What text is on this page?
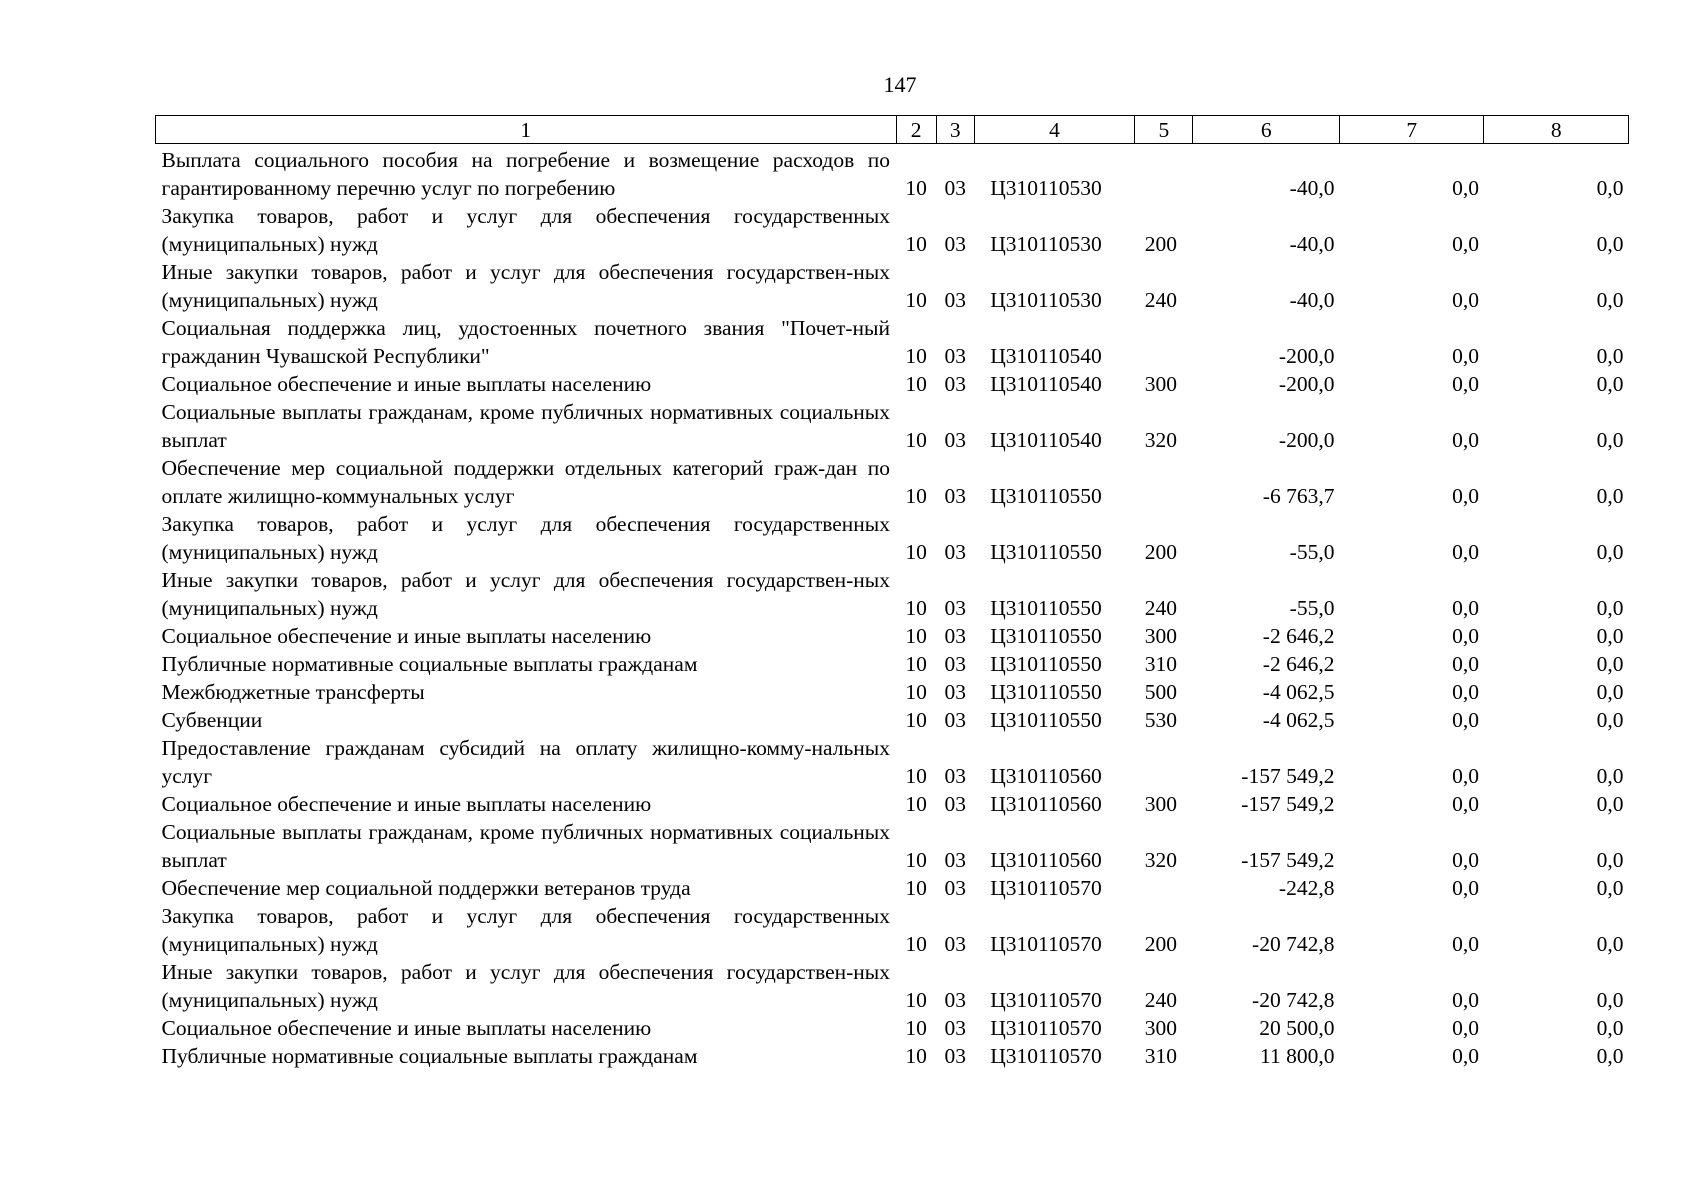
147
1	2	3	4	5	6	7	8
Выплата социального пособия на погребение и возмещение расходов по гарантированному перечню услуг по погребению	10	03	Ц310110530		-40,0	0,0	0,0
Закупка товаров, работ и услуг для обеспечения государственных (муниципальных) нужд	10	03	Ц310110530	200	-40,0	0,0	0,0
Иные закупки товаров, работ и услуг для обеспечения государствен-ных (муниципальных) нужд	10	03	Ц310110530	240	-40,0	0,0	0,0
Социальная поддержка лиц, удостоенных почетного звания "Почет-ный гражданин Чувашской Республики"	10	03	Ц310110540		-200,0	0,0	0,0
Социальное обеспечение и иные выплаты населению	10	03	Ц310110540	300	-200,0	0,0	0,0
Социальные выплаты гражданам, кроме публичных нормативных социальных выплат	10	03	Ц310110540	320	-200,0	0,0	0,0
Обеспечение мер социальной поддержки отдельных категорий граж-дан по оплате жилищно-коммунальных услуг	10	03	Ц310110550		-6 763,7	0,0	0,0
Закупка товаров, работ и услуг для обеспечения государственных (муниципальных) нужд	10	03	Ц310110550	200	-55,0	0,0	0,0
Иные закупки товаров, работ и услуг для обеспечения государствен-ных (муниципальных) нужд	10	03	Ц310110550	240	-55,0	0,0	0,0
Социальное обеспечение и иные выплаты населению	10	03	Ц310110550	300	-2 646,2	0,0	0,0
Публичные нормативные социальные выплаты гражданам	10	03	Ц310110550	310	-2 646,2	0,0	0,0
Межбюджетные трансферты	10	03	Ц310110550	500	-4 062,5	0,0	0,0
Субвенции	10	03	Ц310110550	530	-4 062,5	0,0	0,0
Предоставление гражданам субсидий на оплату жилищно-комму-нальных услуг	10	03	Ц310110560		-157 549,2	0,0	0,0
Социальное обеспечение и иные выплаты населению	10	03	Ц310110560	300	-157 549,2	0,0	0,0
Социальные выплаты гражданам, кроме публичных нормативных социальных выплат	10	03	Ц310110560	320	-157 549,2	0,0	0,0
Обеспечение мер социальной поддержки ветеранов труда	10	03	Ц310110570		-242,8	0,0	0,0
Закупка товаров, работ и услуг для обеспечения государственных (муниципальных) нужд	10	03	Ц310110570	200	-20 742,8	0,0	0,0
Иные закупки товаров, работ и услуг для обеспечения государствен-ных (муниципальных) нужд	10	03	Ц310110570	240	-20 742,8	0,0	0,0
Социальное обеспечение и иные выплаты населению	10	03	Ц310110570	300	20 500,0	0,0	0,0
Публичные нормативные социальные выплаты гражданам	10	03	Ц310110570	310	11 800,0	0,0	0,0
